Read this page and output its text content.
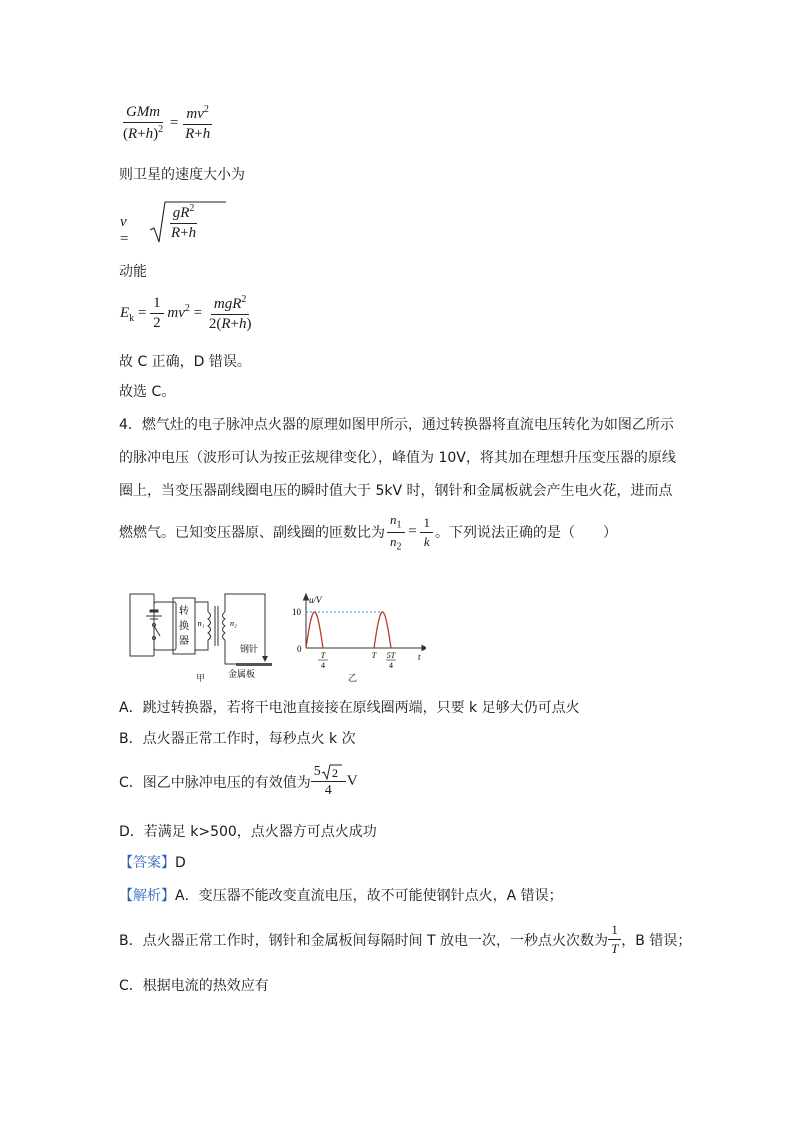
$\frac{\text{GMm}}{(R+h)^2} = \frac{mv^2}{R+h}$
则卫星的速度大小为
v =	$\frac{gR^2}{R+h}$
动能
$E_k = \frac{1}{2} mv^2 = \frac{mgR^2}{2(R+h)}$
故 C 正确，D 错误。
故选 C。
4．燃气灶的电子脉冲点火器的原理如图甲所示，通过转换器将直流电压转化为如图乙所示
的脉冲电压（波形可认为按正弦规律变化），峰值为 10V，将其加在理想升压变压器的原线
圈上，当变压器副线圈电压的瞬时值大于 5kV 时，钢针和金属板就会产生电火花，进而点
燃燃气。已知变压器原、副线圈的匝数比为 $\frac{n_1}{n_2} = \frac{1}{k}$ 。下列说法正确的是（　　）
转
换
器
n₁	n₂
钢针
金属板
甲
u/V
t
10
0
4
T	T
4
5T
乙
A．跳过转换器，若将干电池直接接在原线圈两端，只要 k 足够大仍可点火
B．点火器正常工作时，每秒点火 k 次
C．图乙中脉冲电压的有效值为 $\frac{5 2}{4}$ V
D．若满足 k>500，点火器方可点火成功
【答案】D
【解析】A．变压器不能改变直流电压，故不可能使钢针点火，A 错误；
B．点火器正常工作时，钢针和金属板间每隔时间 T 放电一次，一秒点火次数为 $\frac{1}{T}$ ，B 错误；
C．根据电流的热效应有
